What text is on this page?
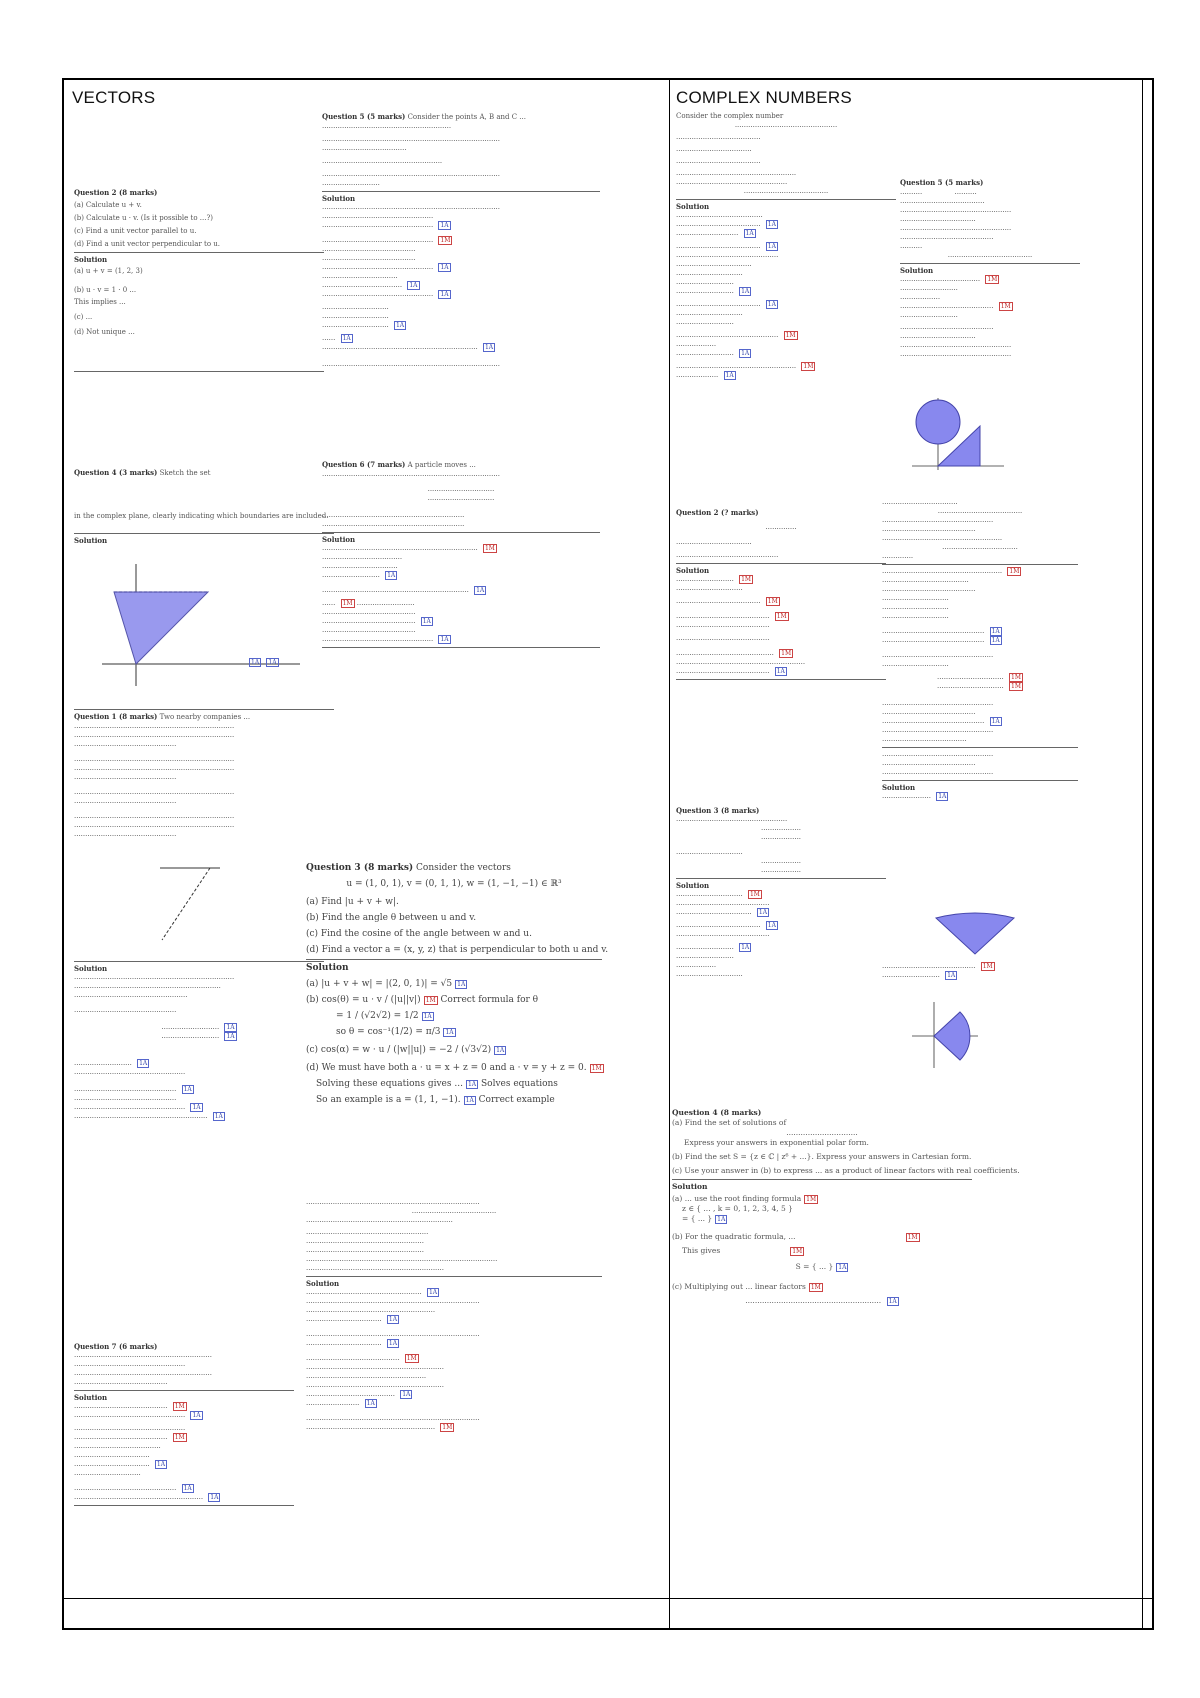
VECTORS	COMPLEX NUMBERS
Question 2 (8 marks)
(a) Calculate u + v.
(b) Calculate u · v. (Is it possible to ...?)
(c) Find a unit vector parallel to u.
(d) Find a unit vector perpendicular to u.
Solution
(a) u + v = (1, 2, 3)
(b) u · v = 1 · 0 ...
This implies ...
(c) ...
(d) Not unique ...

Question 4 (3 marks) Sketch the set
in the complex plane, clearly indicating which boundaries are included.
Solution
1A 1A
Question 1 (8 marks) Two nearby companies ...
........................................................................
........................................................................
..............................................
........................................................................
........................................................................
..............................................
........................................................................
..............................................
........................................................................
........................................................................
..............................................
Solution
........................................................................
..................................................................
...................................................
..............................................
.......................... 1A
.......................... 1A
.......................... 1A
..................................................
.............................................. 1A
..............................................
.................................................. 1A
............................................................ 1A
Question 7 (6 marks)
..............................................................
..................................................
..............................................................
..........................................
Solution
.......................................... 1M
.................................................. 1A
..................................................
.......................................... 1M
.......................................
..................................
.................................. 1A
..............................
.............................................. 1A
.......................................................... 1A
Question 5 (5 marks) Consider the points A, B and C ...
..........................................................
................................................................................
......................................
......................................................
................................................................................
..........................
Solution
................................................................................
..................................................
.................................................. 1A
.................................................. 1M
..........................................
..........................................
.................................................. 1A
..................................
.................................... 1A
.................................................. 1A
..............................
..............................
.............................. 1A
...... 1A
...................................................................... 1A
................................................................................
Question 6 (7 marks) A particle moves ...
................................................................................
..............................
..............................
................................................................
................................................................
Solution
...................................................................... 1M
....................................
..................................
.......................... 1A
.................................................................. 1A
...... 1M ..........................
..........................................
.......................................... 1A
..........................................
.................................................. 1A
Question 3 (8 marks) Consider the vectors
u = (1, 0, 1), v = (0, 1, 1), w = (1, −1, −1) ∈ ℝ³
(a) Find |u + v + w|.
(b) Find the angle θ between u and v.
(c) Find the cosine of the angle between w and u.
(d) Find a vector a = (x, y, z) that is perpendicular to both u and v.
Solution
(a) |u + v + w| = |(2, 0, 1)| = √5 1A
(b) cos(θ) = u · v / (|u||v|) 1M Correct formula for θ
= 1 / (√2√2) = 1/2 1A
so θ = cos⁻¹(1/2) = π/3 1A
(c) cos(α) = w · u / (|w||u|) = −2 / (√3√2) 1A
(d) We must have both a · u = x + z = 0 and a · v = y + z = 0. 1M
Solving these equations gives ... 1A Solves equations
So an example is a = (1, 1, −1). 1A Correct example
..............................................................................
......................................
..................................................................
.......................................................
.....................................................
.....................................................
......................................................................................
..............................................................
Solution
.................................................... 1A
..............................................................................
..........................................................
.................................. 1A
..............................................................................
.................................. 1A
.......................................... 1M
..............................................................
......................................................
..............................................................
........................................ 1A
........................ 1A
..............................................................................
.......................................................... 1M
Consider the complex number
..............................................
......................................
..................................
......................................
......................................................
..................................................
......................................
Solution
.......................................
...................................... 1A
............................ 1A
...................................... 1A
..............................................
..................................
..............................
..........................
.......................... 1A
...................................... 1A
..............................
..........................
.............................................. 1M
..................
.......................... 1A
...................................................... 1M
................... 1A
Question 5 (5 marks)
..........	..........
......................................
..................................................
..................................
..................................................
..........................................
..........
......................................
Solution
.................................... 1M
..........................
..................
.......................................... 1M
..........................
..........................................
..................................
..................................................
..................................................
Question 2 (? marks)
..............
..................................
..............................................
Solution
.......................... 1M
..............................
...................................... 1M
.......................................... 1M
..........................................
..........................................
............................................ 1M
..........................................................
.......................................... 1A
Question 3 (8 marks)
..................................................
..................
..................
..............................
..................
..................
Solution
.............................. 1M
..........................................
.................................. 1A
...................................... 1A
..........................................
.......................... 1A
..........................
..................
..............................
..................................
......................................
..................................................
..........................................
......................................................
..................................
..............
...................................................... 1M
.......................................
..........................................
..............................
..............................
..............................
.............................................. 1A
.............................................. 1A
..................................................
..............................
.............................. 1M
.............................. 1M
..................................................
..........................................
.............................................. 1A
..................................................
......................................
..................................................
..........................................
..................................................
Solution
...................... 1A
.......................................... 1M
.......................... 1A
Question 4 (8 marks)
(a) Find the set of solutions of
..............................
Express your answers in exponential polar form.
(b) Find the set S = {z ∈ ℂ | z⁶ + ...}. Express your answers in Cartesian form.
(c) Use your answer in (b) to express ... as a product of linear factors with real coefficients.
Solution
(a) ... use the root finding formula 1M
z ∈ { ... , k = 0, 1, 2, 3, 4, 5 }
= { ... } 1A
(b) For the quadratic formula, ...	1M
This gives	1M
S = { ... } 1A
(c) Multiplying out ... linear factors 1M
......................................................... 1A
